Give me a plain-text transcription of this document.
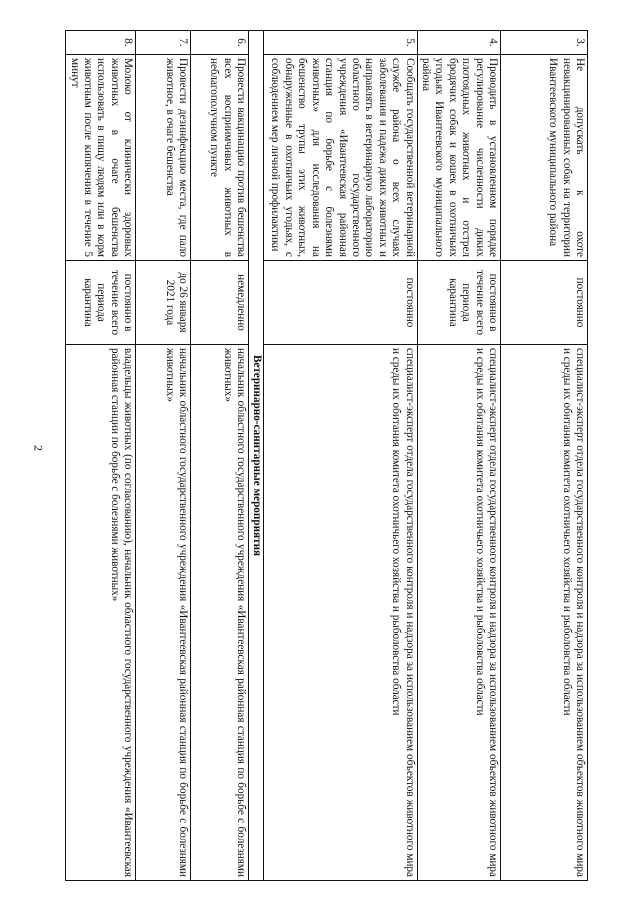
2
3.	Не допускать к охоте невакцинированных собак на территории Ивантеевского муниципального района	постоянно	специалист-эксперт отдела государственного контроля и надзора за использованием объектов животного мира и среды их обитания комитета охотничьего хозяйства и рыболовства области
4.	Проводить в установленном порядке регулирование численности диких плотоядных животных и отстрел бродячих собак и кошек в охотничьих угодьях Ивантеевского муниципального района	постоянно в течение всего периода карантина	специалист-эксперт отдела государственного контроля и надзора за использованием объектов животного мира и среды их обитания комитета охотничьего хозяйства и рыболовства области
5.	Сообщать государственной ветеринарной службе района о всех случаях заболевания и падежа диких животных и направлять в ветеринарную лабораторию областного государственного учреждения «Ивантеевская районная станция по борьбе с болезнями животных» для исследования на бешенство трупы этих животных, обнаруженные в охотничьих угодьях, с соблюдением мер личной профилактики	постоянно	специалист-эксперт отдела государственного контроля и надзора за использованием объектов животного мира и среды их обитания комитета охотничьего хозяйства и рыболовства области
Ветеринарно-санитарные мероприятия			
6.	Провести вакцинацию против бешенства всех восприимчивых животных в неблагополучном пункте	немедленно	начальник областного государственного учреждения «Ивантеевская районная станция по борьбе с болезнями животных»
7.	Провести дезинфекцию места, где пало животное, в очаге бешенства	до 26 января 2021 года	начальник областного государственного учреждения «Ивантеевская районная станция по борьбе с болезнями животных»
8.	Молоко от клинически здоровых животных в очаге бешенства использовать в пищу людям или в корм животным после кипячения в течение 5 минут	постоянно в течение всего периода карантина	владельцы животных (по согласованию), начальник областного государственного учреждения «Ивантеевская районная станции по борьбе с болезнями животных»
